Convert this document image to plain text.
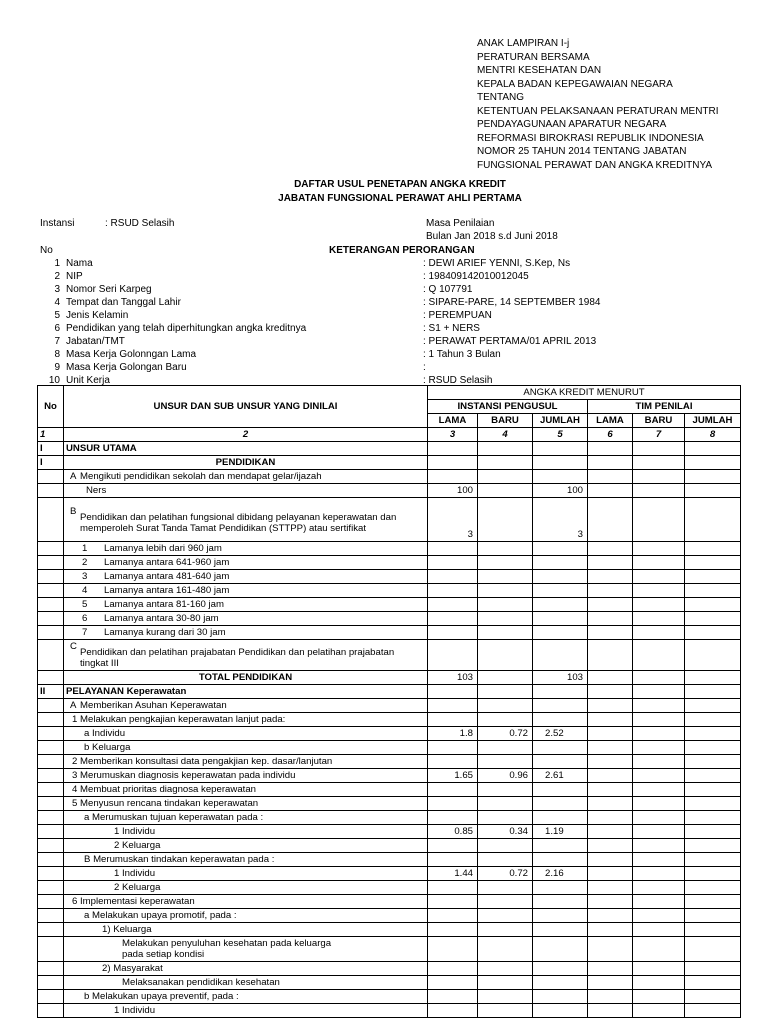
ANAK LAMPIRAN I-j
PERATURAN BERSAMA
MENTRI KESEHATAN DAN
KEPALA BADAN KEPEGAWAIAN NEGARA
TENTANG
KETENTUAN PELAKSANAAN PERATURAN MENTRI
PENDAYAGUNAAN APARATUR NEGARA
REFORMASI BIROKRASI REPUBLIK INDONESIA
NOMOR 25 TAHUN 2014 TENTANG JABATAN
FUNGSIONAL PERAWAT DAN ANGKA KREDITNYA
DAFTAR USUL PENETAPAN ANGKA KREDIT
JABATAN FUNGSIONAL PERAWAT AHLI PERTAMA
Instansi	: RSUD Selasih	Masa Penilaian
Bulan Jan 2018 s.d Juni 2018
No	KETERANGAN PERORANGAN
1 Nama	: DEWI ARIEF YENNI, S.Kep, Ns
2 NIP	: 198409142010012045
3 Nomor Seri Karpeg	: Q 107791
4 Tempat dan Tanggal Lahir	: SIPARE-PARE, 14 SEPTEMBER 1984
5 Jenis Kelamin	: PEREMPUAN
6 Pendidikan yang telah diperhitungkan angka kreditnya	: S1 + NERS
7 Jabatan/TMT	: PERAWAT PERTAMA/01 APRIL 2013
8 Masa Kerja Golonngan Lama	: 1 Tahun 3 Bulan
9 Masa Kerja Golongan Baru	:
10 Unit Kerja	: RSUD Selasih
No	UNSUR DAN SUB UNSUR YANG DINILAI	ANGKA KREDIT MENURUT					
		INSTANSI PENGUSUL			TIM PENILAI		
		LAMA	BARU	JUMLAH	LAMA	BARU	JUMLAH
1	2	3	4	5	6	7	8
I	UNSUR UTAMA						
I	PENDIDIKAN						
	A Mengikuti pendidikan sekolah dan mendapat gelar/ijazah						
	Ners	100		100			
	BPendidikan dan pelatihan fungsional dibidang pelayanan keperawatan dan memperoleh Surat Tanda Tamat Pendidikan (STTPP) atau sertifikat	3		3			
	1 Lamanya lebih dari 960 jam						
	2 Lamanya antara 641-960 jam						
	3 Lamanya antara 481-640 jam						
	4 Lamanya antara 161-480 jam						
	5 Lamanya antara 81-160 jam						
	6 Lamanya antara 30-80 jam						
	7 Lamanya kurang dari 30 jam						
	CPendidikan dan pelatihan prajabatan Pendidikan dan pelatihan prajabatan tingkat III						
	TOTAL PENDIDIKAN	103		103			
II	PELAYANAN Keperawatan						
	A Memberikan Asuhan Keperawatan						
	1 Melakukan pengkajian keperawatan lanjut pada:						
	a Individu	1.8	0.72	2.52			
	b Keluarga						
	2 Memberikan konsultasi data pengakjian kep. dasar/lanjutan						
	3 Merumuskan diagnosis keperawatan pada individu	1.65	0.96	2.61			
	4 Membuat prioritas diagnosa keperawatan						
	5 Menyusun rencana tindakan keperawatan						
	a Merumuskan tujuan keperawatan pada :						
	1 Individu	0.85	0.34	1.19			
	2 Keluarga						
	B Merumuskan tindakan keperawatan pada :						
	1 Individu	1.44	0.72	2.16			
	2 Keluarga						
	6 Implementasi keperawatan						
	a Melakukan upaya promotif, pada :						
	1) Keluarga						
	Melakukan penyuluhan kesehatan pada keluarga pada setiap kondisi						
	2) Masyarakat						
	Melaksanakan pendidikan kesehatan						
	b Melakukan upaya preventif, pada :						
	1 Individu						
